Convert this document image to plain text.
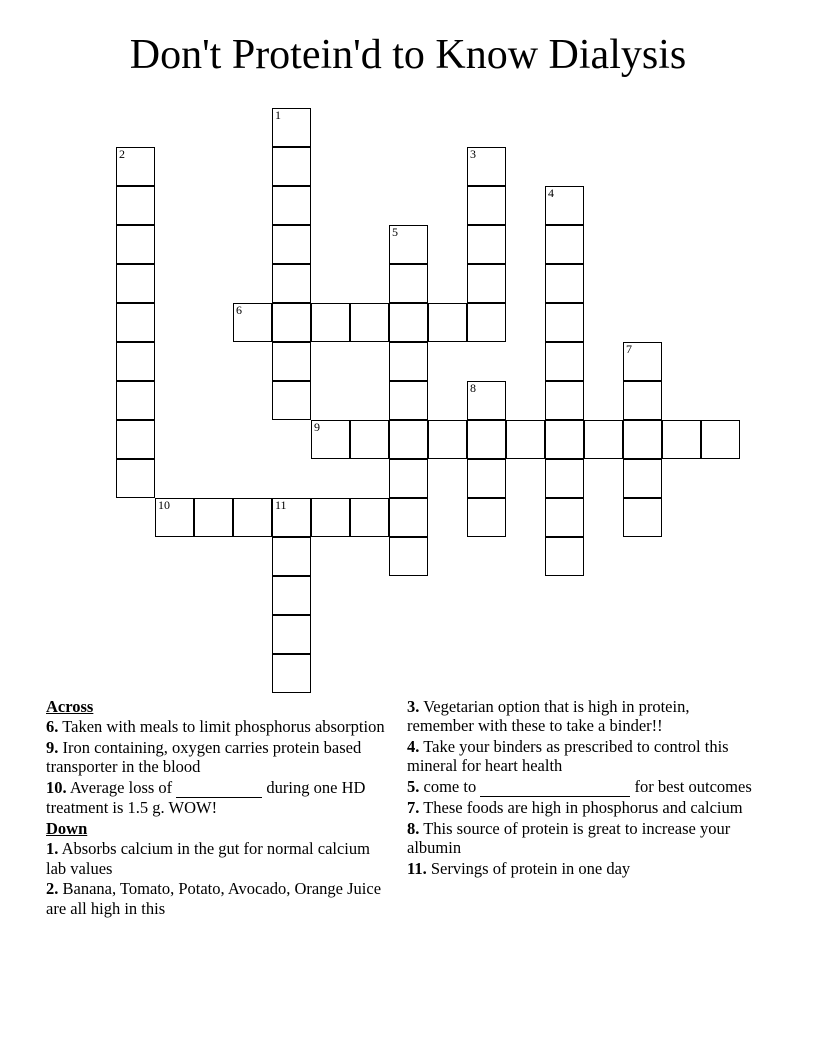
Don't Protein'd to Know Dialysis
1
2	3
4
5
6
7
8
9
10	11
Across
6. Taken with meals to limit phosphorus absorption
9. Iron containing, oxygen carries protein based transporter in the blood
10. Average loss of	during one HD treatment is 1.5 g. WOW!
Down
1. Absorbs calcium in the gut for normal calcium lab values
2. Banana, Tomato, Potato, Avocado, Orange Juice are all high in this
3. Vegetarian option that is high in protein, remember with these to take a binder!!
4. Take your binders as prescribed to control this mineral for heart health
5. come to	for best outcomes
7. These foods are high in phosphorus and calcium
8. This source of protein is great to increase your albumin
11. Servings of protein in one day
